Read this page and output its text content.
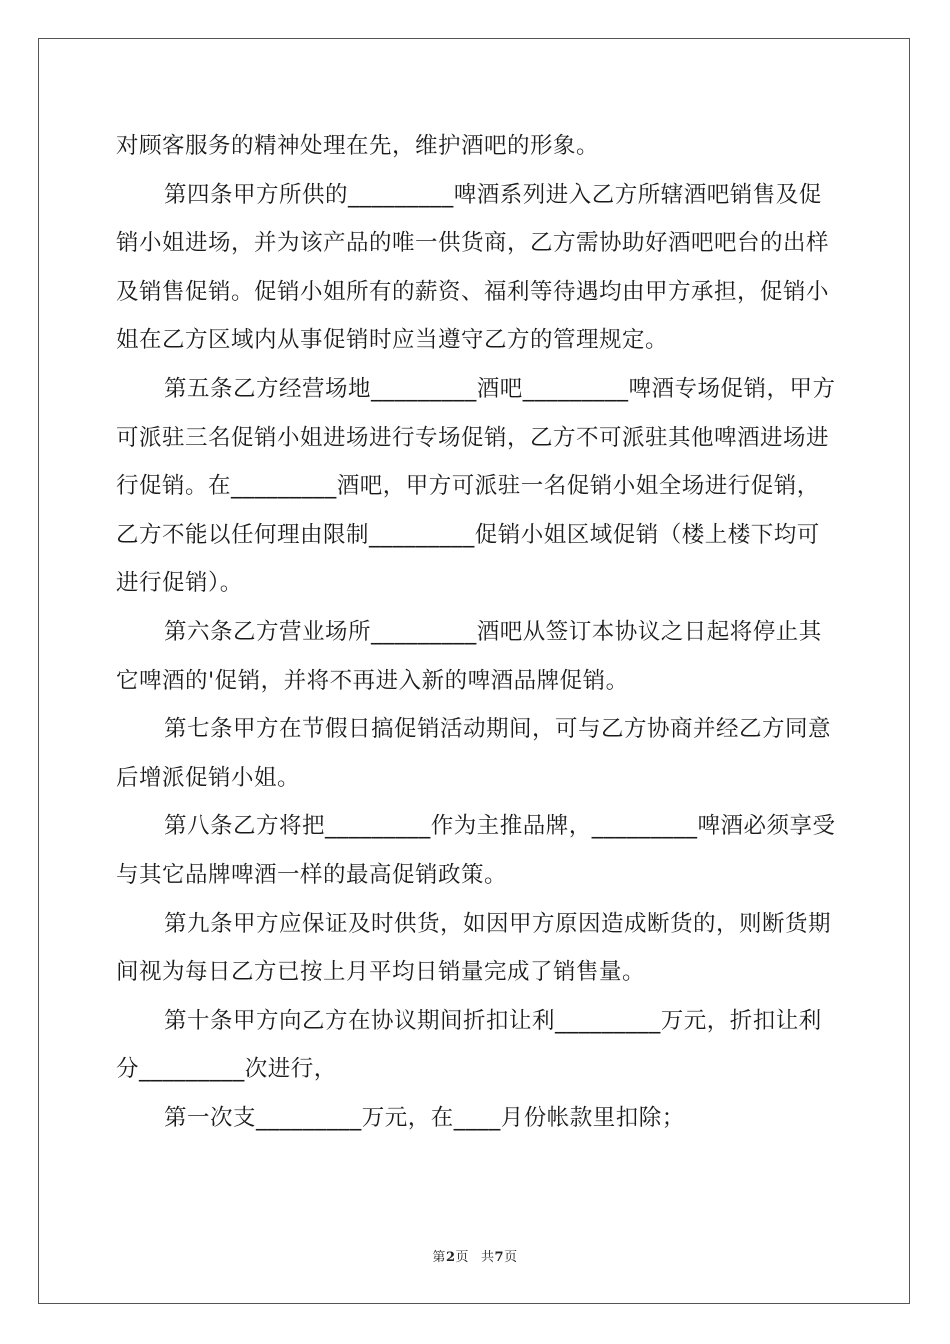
对顾客服务的精神处理在先，维护酒吧的形象。

第四条甲方所供的_________啤酒系列进入乙方所辖酒吧销售及促销小姐进场，并为该产品的唯一供货商，乙方需协助好酒吧吧台的出样及销售促销。促销小姐所有的薪资、福利等待遇均由甲方承担，促销小姐在乙方区域内从事促销时应当遵守乙方的管理规定。

第五条乙方经营场地_________酒吧_________啤酒专场促销，甲方可派驻三名促销小姐进场进行专场促销，乙方不可派驻其他啤酒进场进行促销。在_________酒吧，甲方可派驻一名促销小姐全场进行促销，乙方不能以任何理由限制_________促销小姐区域促销（楼上楼下均可进行促销）。

第六条乙方营业场所_________酒吧从签订本协议之日起将停止其它啤酒的'促销，并将不再进入新的啤酒品牌促销。

第七条甲方在节假日搞促销活动期间，可与乙方协商并经乙方同意后增派促销小姐。

第八条乙方将把_________作为主推品牌，_________啤酒必须享受与其它品牌啤酒一样的最高促销政策。

第九条甲方应保证及时供货，如因甲方原因造成断货的，则断货期间视为每日乙方已按上月平均日销量完成了销售量。

第十条甲方向乙方在协议期间折扣让利_________万元，折扣让利分_________次进行，

第一次支_________万元，在____月份帐款里扣除；

第2页 共7页
